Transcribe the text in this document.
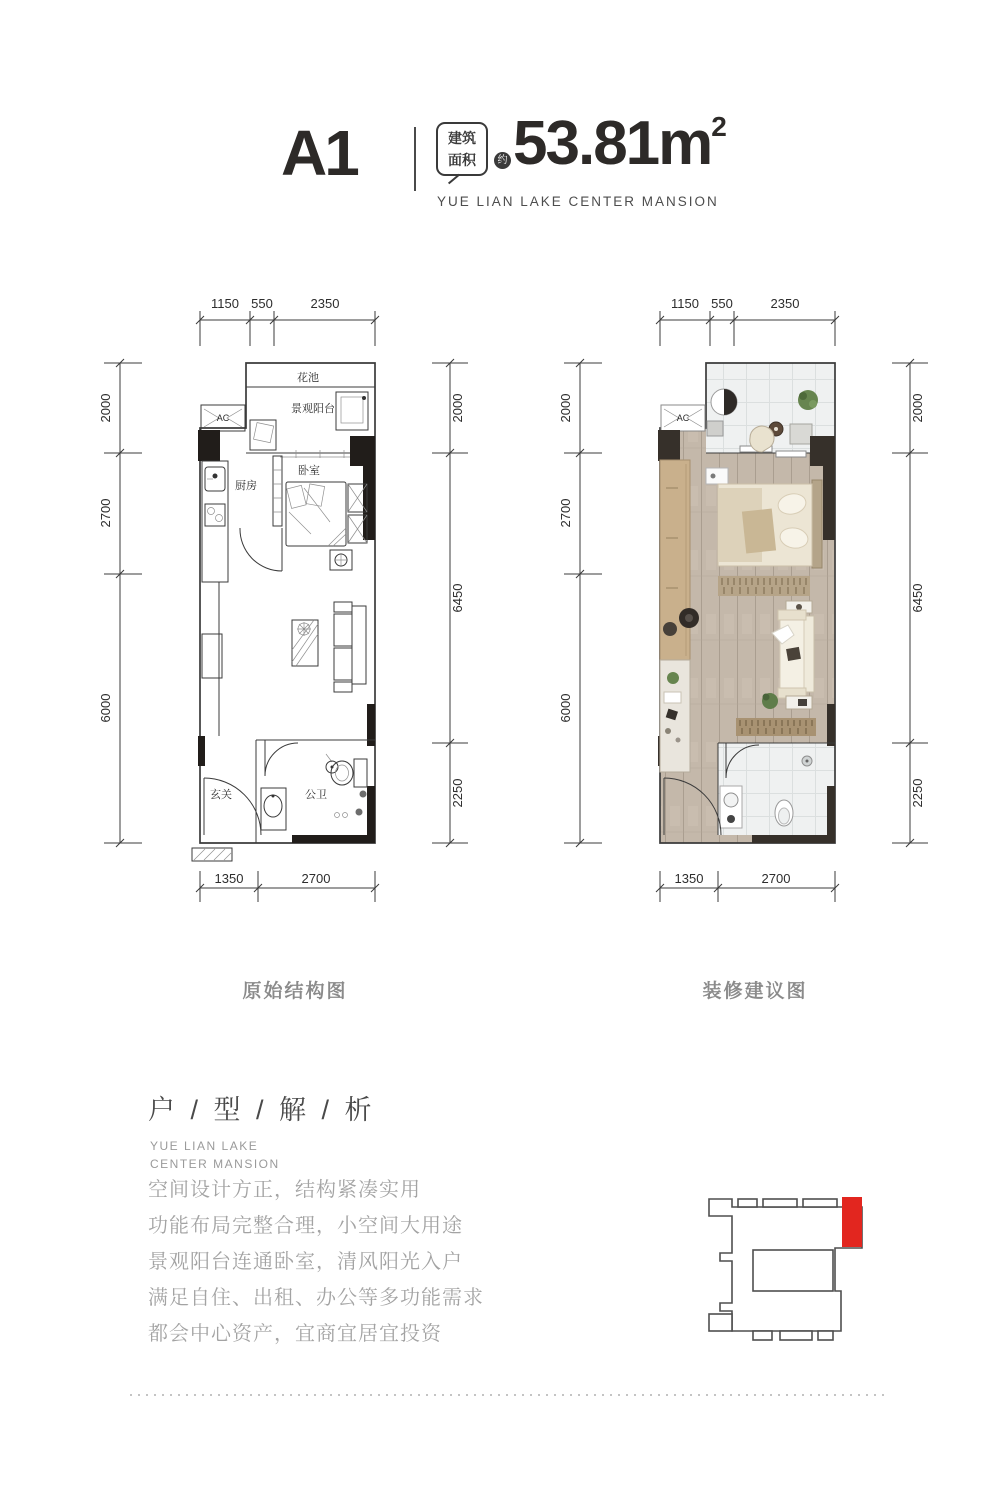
A1	建筑
面积	约 $53.81m^2$
YUE LIAN LAKE CENTER MANSION
1150 550	2350
2000
2700
6000
2000
6450
2250
1350	2700
花池
景观阳台
AC
厨房
卧室
公卫
玄关
1150 550	2350
2000
2700
6000
2000
6450
2250
1350	2700
AC
原始结构图	装修建议图
户 / 型 / 解 / 析
YUE LIAN LAKE
CENTER MANSION
空间设计方正，结构紧凑实用
功能布局完整合理，小空间大用途
景观阳台连通卧室，清风阳光入户
满足自住、出租、办公等多功能需求
都会中心资产，宜商宜居宜投资
